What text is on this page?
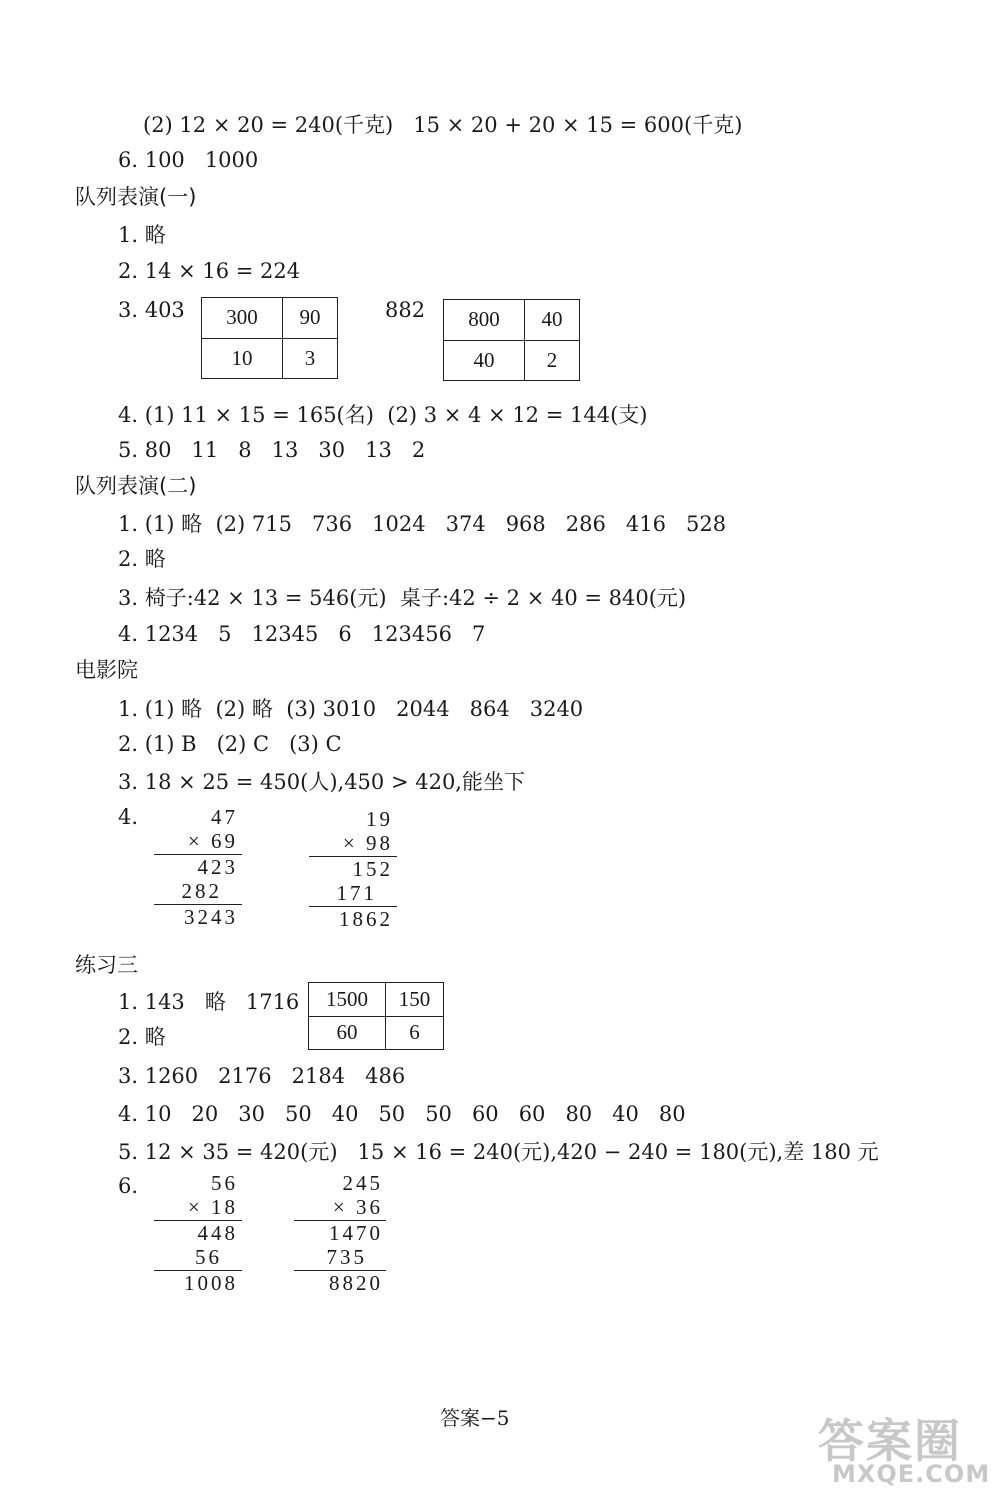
(2) 12 × 20 = 240(千克)   15 × 20 + 20 × 15 = 600(千克)
6. 100   1000
队列表演(一)
1. 略
2. 14 × 16 = 224
3. 403 300	90
10	3
882 800	40
40	2
4. (1) 11 × 15 = 165(名)  (2) 3 × 4 × 12 = 144(支)
5. 80   11   8   13   30   13   2
队列表演(二)
1. (1) 略  (2) 715   736   1024   374   968   286   416   528
2. 略
3. 椅子:42 × 13 = 546(元)  桌子:42 ÷ 2 × 40 = 840(元)
4. 1234   5   12345   6   123456   7
电影院
1. (1) 略  (2) 略  (3) 3010   2044   864   3240
2. (1) B   (2) C   (3) C
3. 18 × 25 = 450(人),450 > 420,能坐下
4.	47
× 69
423
282
3243
19
× 98
152
171
1862
练习三
1. 143   略   1716 1500	150
60	6
2. 略
3. 1260   2176   2184   486
4. 10   20   30   50   40   50   50   60   60   80   40   80
5. 12 × 35 = 420(元)   15 × 16 = 240(元),420 − 240 = 180(元),差 180 元
6.	56
× 18
448
56
1008
245
× 36
1470
735
8820
答案−5	答案圈
MXQE.COM
